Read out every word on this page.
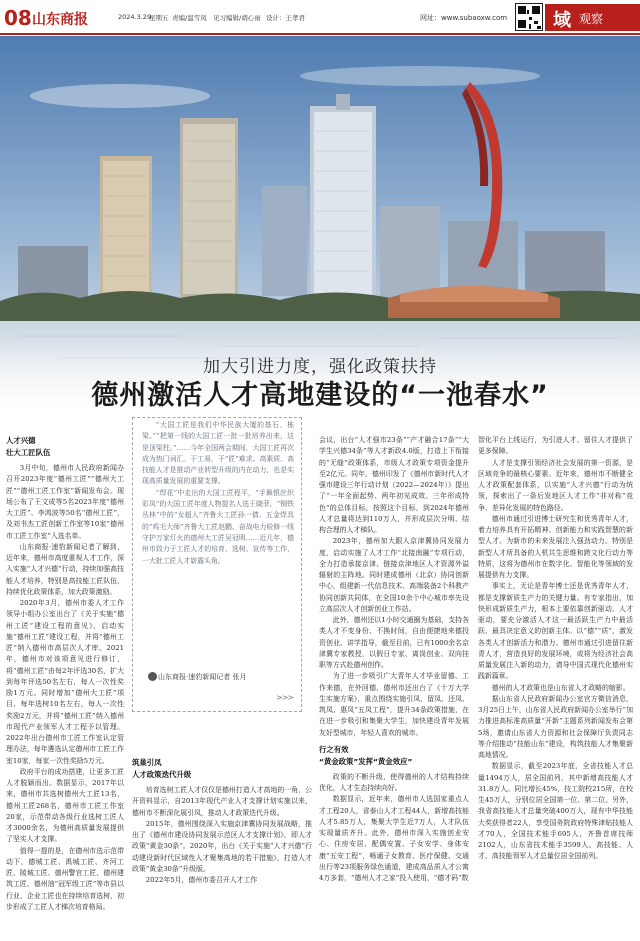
08 山东商报	2024.3.29
星期五 责编/温雪凤 见习编辑 /胡心雨 设计：王孝君	网址：www.subaoxw.com	域 观察
加大引进力度，强化政策扶持
德州激活人才高地建设的“一池春水”
人才兴德
壮大工匠队伍

3月中旬，德州市人民政府新闻办召开2023年度“德州工匠”“德州大工匠”“德州工匠工作室”新闻发布会。现场公布了王文成等5名2023年度“德州大工匠”、李鸿波等50名“德州工匠”，及刘书杰工匠创新工作室等10家“德州市工匠工作室”入选名单。

山东商报·速豹新闻记者了解到，近年来，德州市高度重视人才工作，深入实施“人才兴德”行动，持续加强高技能人才培养，特别是高技能工匠队伍，持续优化政策体系，加大政策激励。

2020年3月，德州市委人才工作领导小组办公室出台了《关于实施“德州工匠”建设工程的意见》，启动实施“德州工匠”建设工程，并将“德州工匠”纳入德州市高层次人才库。2021年，德州市对该项意见进行修订，将“德州工匠”由每2年评选30名，扩大到每年评选50名左右，每人一次性奖励1万元。同时增加“德州大工匠”项目，每年选树10名左右，每人一次性奖励2万元，并将“德州工匠”纳入德州市现代产业领军人才工程予以管理。2022年出台德州市工匠工作室认定管理办法，每年遴选认定德州市工匠工作室10家，每家一次性奖励5万元。

政府平台的成功搭建，让更多工匠人才脱颖而出。数据显示，2017年以来，德州市共选树德州大工匠13名，德州工匠268名，德州市工匠工作室20家，示范带动各级行业选树工匠人才3000余名，为德州高质量发展提供了坚实人才支撑。

值得一提的是，在德州市选示范带动下，德城工匠、禹城工匠、齐河工匠、陵城工匠、德州警官工匠、德州建筑工匠、德州油“冠军级工匠”等市县以行业、企业工匠也在持续培育选树，初步形成了工匠人才梯次培育格局。

“大国工匠是我们中华民族大厦的基石、栋梁。”“把第一线的大国工匠一批一批培养出来，这是顶梁柱。”……今年全国两会期间，大国工匠再次成为热门词汇。干工易，干“匠”难求。高素质、高技能人才是推动产业转型升级的内在动力，也是实现高质量发展的重要支撑。

“焊花”中走出的大国工匠程平，“手舞银丝织彩凤”的大国工匠年度人物提名人选王晓菲，“钢铁丛林”中的“女超人”齐鲁大工匠孙一倩、五金焊具的“鸡毛大师”齐鲁大工匠赵鹏、奋战电力检修一线守护万家灯火的德州大工匠吴冠明……近几年，德州市致力于工匠人才的培育、选树、宣传等工作，一大批工匠人才崭露头角。

山东商报·速豹新闻记者 张月
>>>
筑巢引凤
人才政策迭代升级

培育选树工匠人才仅仅是德州打造人才高地的一角，公开资料显示，自2013年现代产业人才支撑计划实施以来，德州市不断深化展引凤，推动人才政策迭代升级。

2015年，德州围绕深入实施京津冀协同发展战略，推出了《德州市建设协同发展示范区人才支撑计划》，即人才政策“黄金30条”。2020年，出台《关于实施“人才兴德”行动建设新时代区域性人才聚集高地的若干措施》，打造人才政策“黄金30条”升级版。

2022年5月，德州市委召开人才工作

会议，出台“人才强市23条”“产才融合17条”“大学生兴德34条”等人才新政4.0版，打造上下衔接的“无缝”政策体系，市级人才政策专项资金提升至2亿元。同年，德州印发了《德州市新时代人才强市建设三年行动计划（2022—2024年）》提出了“一年全面起势、两年初见成效、三年形成特色”的总体目标，按照这个目标，到2024年德州人才总量将达到110万人，并形成层次分明、结构合理的人才梯队。

2023年，德州加大跟人京津冀协同发展力度，启动实施了人才工作“北接南融”专项行动，全力打造承接京津、链接京津地区人才资源外溢辐射的主阵地。同时建成德州（北京）协同创新中心，组建新一代信息技术、高端装备2个科教产协同创新共同体，在全国10余个中心城市率先设立高层次人才创新创业工作站。

此外，德州还以1小时交通圈为基础，支持各类人才不变身份、不换时间，自由便捷地来德投资创业、讲学指导，截至目前，已有1000余名京津冀专家教授，以假日专家、离岗创业、双向挂职等方式赴德州创作。

为了进一步吸引广大青年人才毕业留德、工作来德，在外回德，德州市还出台了《十万大学生实施方案》，重点围绕实施引凤、留凤、还凤、筑凤、惠凤“五凤工程”，提升34条政策措施，在在进一步吸引和集聚大学生，加快建设青年发展友好型城市，年轻人喜欢的城市。

行之有效
“黄金政策”发挥“黄金效应”

政策的不断升级，使得德州的人才结构持续优化，人才生态持续向好。

数据显示，近年来，德州市人选国家重点人才工程20人，省泰山人才工程44人，新增高技能人才5.85万人，集聚大学生近7万人，人才队伍实现量质齐升。此外，德州市深入实施创业安心、住房安居、配偶安置、子女安学、身体安康“五安工程”，畅通子女教育、医疗保健、交通出行等23项服务绿色通道，建成高品质人才公寓4万多套，“德州人才之家”投入使用，“德才码”数

智化平台上线运行，为引进人才、留住人才提供了更多保障。

人才是支撑引领经济社会发展的第一资源，是区域竞争的最核心要素。近年来，德州市不断健全人才政策配套体系，以实施“人才兴德”行动为统领，探索出了一条后发地区人才工作“非对称”竞争、差异化发展的特色路径。

德州市通过引进博士研究生和优秀青年人才，着力培养具有开拓精神、创新能力和实践智慧的新型人才。为新市的未来发展注入强劲动力。特别是新型人才所具备的人机共生思维和跨文化行动力等特质，这将为德州市在数字化、智能化等领域的发展提供有力支撑。

事实上，无论是青年博士还是优秀青年人才，都是支撑新质生产力的关键力量。有专家指出，加快形成新质生产力，根本上要依靠创新驱动、人才驱动，要充分激活人才这一最活跃生产力中最活跃、最具决定意义的创新主体。以“德”“质”，激发各类人才创新活力和潜力。德州市通过引进留住新青人才，营造良好的发展环境，或将为经济社会高质量发展注入新的动力，请导中国式现代化德州实践新篇章。

德州的人才政策也是山东省人才政略的缩影。

据山东省人民政府新闻办公室官方微信消息，3月25日上午，山东省人民政府新闻办公室举行“加力推进高标准高质量“开新”主题系列新闻发布会第5场，邀请山东省人力资源和社会保障厅负责同志等介绍推动“技能山东”建设，构筑技能人才集聚新高地情况。

数据显示，截至2023年底，全省技能人才总量1494万人，居全国前列，其中新增高技能人才31.8万人。同比增长45%，技工院校215所，在校生45万人，分别位居全国第一位、第二位。另外，我省高技能人才总量突破400万人，现有中华技能大奖获得者22人，享受国务院政府特殊津贴技能人才70人，全国技术能手695人，齐鲁首席技师2102人，山东省技术能手3599人。高技能、人才、高技能领军人才总量位居全国前列。
